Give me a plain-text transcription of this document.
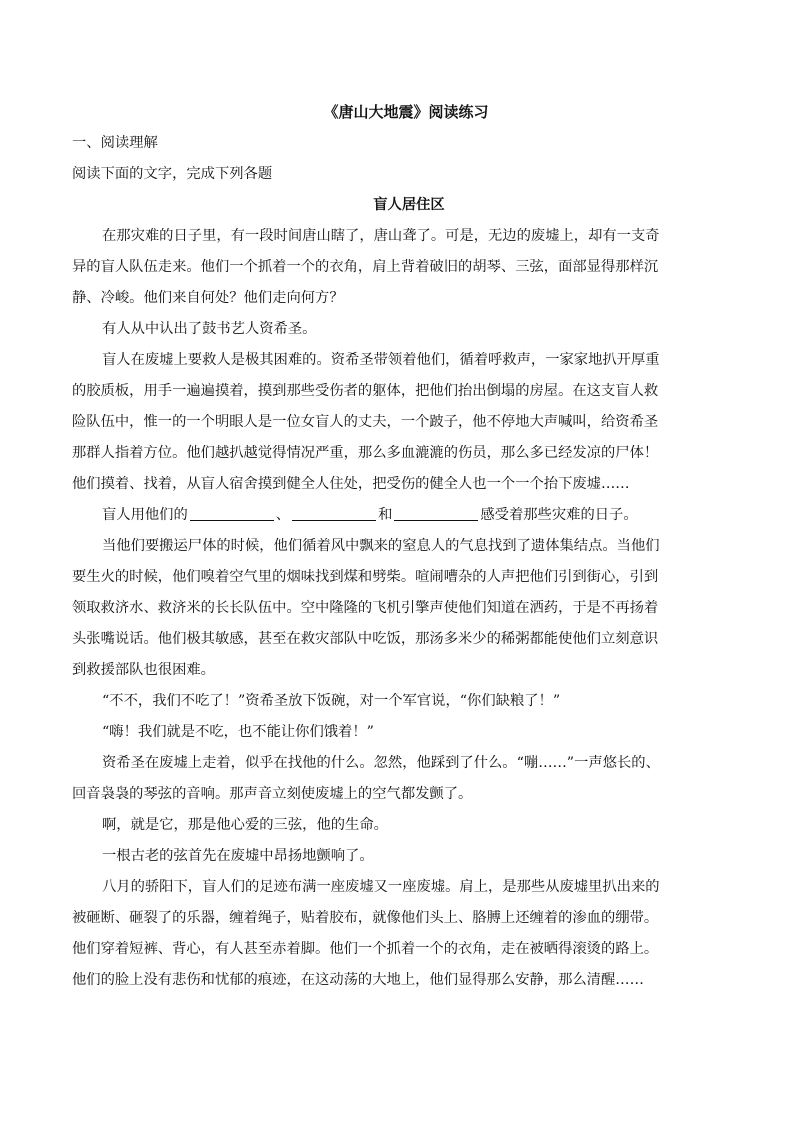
《唐山大地震》阅读练习
一、阅读理解
阅读下面的文字，完成下列各题
盲人居住区
在那灾难的日子里，有一段时间唐山瞎了，唐山聋了。可是，无边的废墟上，却有一支奇
异的盲人队伍走来。他们一个抓着一个的衣角，肩上背着破旧的胡琴、三弦，面部显得那样沉
静、冷峻。他们来自何处？他们走向何方？
有人从中认出了鼓书艺人资希圣。
盲人在废墟上要救人是极其困难的。资希圣带领着他们，循着呼救声，一家家地扒开厚重
的胶质板，用手一遍遍摸着，摸到那些受伤者的躯体，把他们抬出倒塌的房屋。在这支盲人救
险队伍中，惟一的一个明眼人是一位女盲人的丈夫，一个跛子，他不停地大声喊叫，给资希圣
那群人指着方位。他们越扒越觉得情况严重，那么多血漉漉的伤员，那么多已经发凉的尸体！
他们摸着、找着，从盲人宿舍摸到健全人住处，把受伤的健全人也一个一个抬下废墟……
盲人用他们的	、	和	感受着那些灾难的日子。
当他们要搬运尸体的时候，他们循着风中飘来的窒息人的气息找到了遗体集结点。当他们
要生火的时候，他们嗅着空气里的烟味找到煤和劈柴。喧闹嘈杂的人声把他们引到街心，引到
领取救济水、救济米的长长队伍中。空中隆隆的飞机引擎声使他们知道在洒药，于是不再扬着
头张嘴说话。他们极其敏感，甚至在救灾部队中吃饭，那汤多米少的稀粥都能使他们立刻意识
到救援部队也很困难。
“不不，我们不吃了！”资希圣放下饭碗，对一个军官说，“你们缺粮了！”
“嗨！我们就是不吃，也不能让你们饿着！”
资希圣在废墟上走着，似乎在找他的什么。忽然，他踩到了什么。“嘣……”一声悠长的、
回音袅袅的琴弦的音响。那声音立刻使废墟上的空气都发颤了。
啊，就是它，那是他心爱的三弦，他的生命。
一根古老的弦首先在废墟中昂扬地颤响了。
八月的骄阳下，盲人们的足迹布满一座废墟又一座废墟。肩上，是那些从废墟里扒出来的
被砸断、砸裂了的乐器，缠着绳子，贴着胶布，就像他们头上、胳膊上还缠着的渗血的绷带。
他们穿着短裤、背心，有人甚至赤着脚。他们一个抓着一个的衣角，走在被晒得滚烫的路上。
他们的脸上没有悲伤和忧郁的痕迹，在这动荡的大地上，他们显得那么安静，那么清醒……
